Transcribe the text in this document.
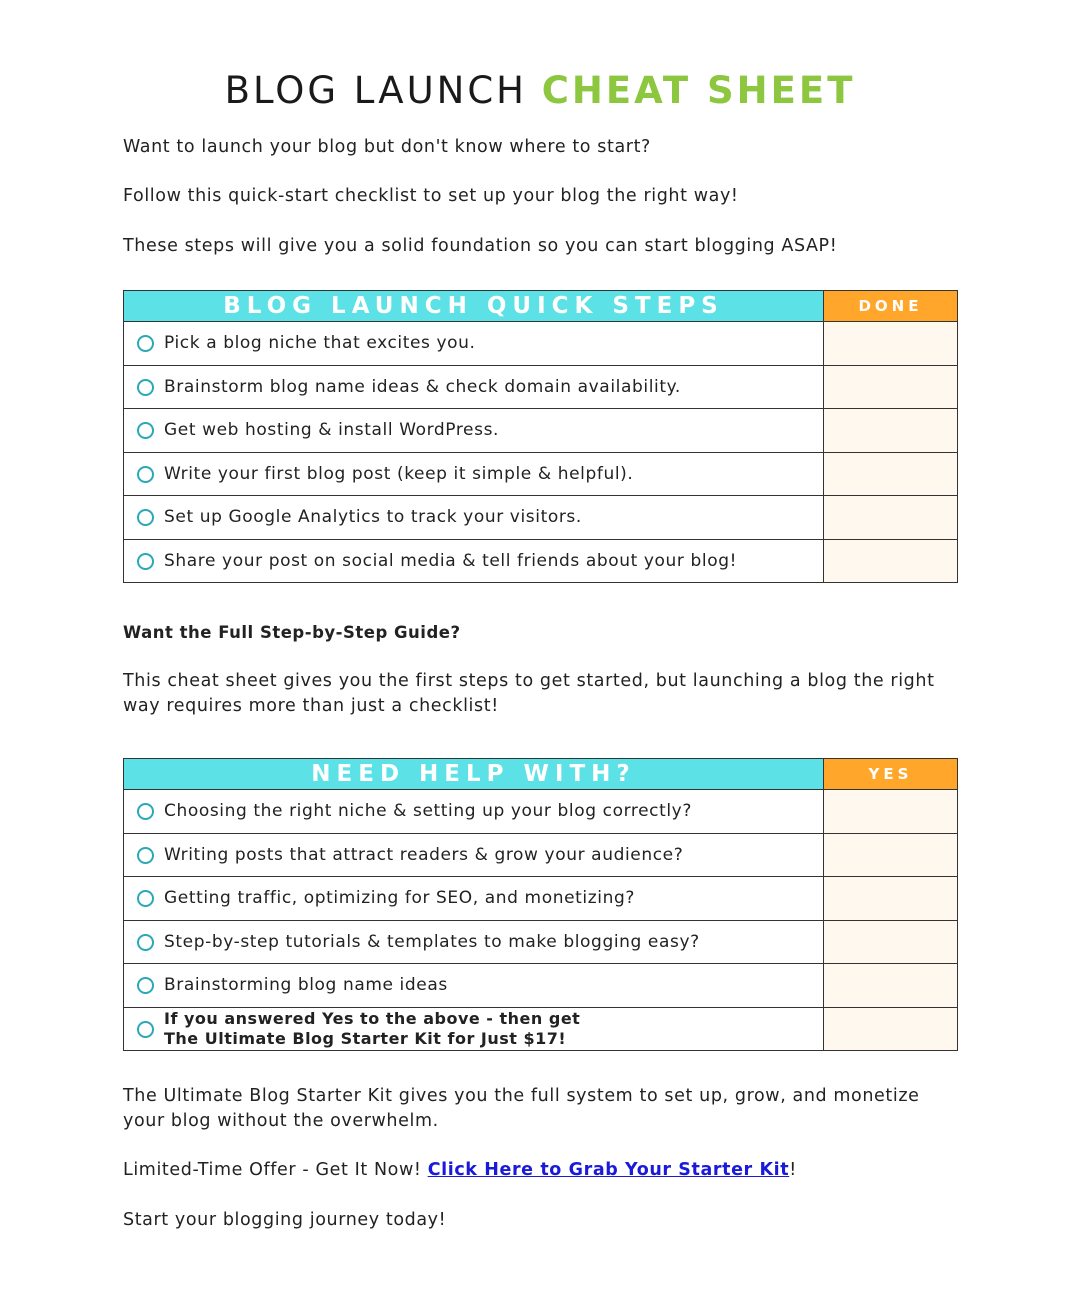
BLOG LAUNCH CHEAT SHEET

Want to launch your blog but don't know where to start?

Follow this quick-start checklist to set up your blog the right way!

These steps will give you a solid foundation so you can start blogging ASAP!

BLOG LAUNCH QUICK STEPS	DONE

Pick a blog niche that excites you.	

Brainstorm blog name ideas & check domain availability.	

Get web hosting & install WordPress.	

Write your first blog post (keep it simple & helpful).	

Set up Google Analytics to track your visitors.	

Share your post on social media & tell friends about your blog!	

Want the Full Step-by-Step Guide?

This cheat sheet gives you the first steps to get started, but launching a blog the right way requires more than just a checklist!

NEED HELP WITH?	YES

Choosing the right niche & setting up your blog correctly?	

Writing posts that attract readers & grow your audience?	

Getting traffic, optimizing for SEO, and monetizing?	

Step-by-step tutorials & templates to make blogging easy?	

Brainstorming blog name ideas	

If you answered Yes to the above - then get
The Ultimate Blog Starter Kit for Just $17!	

The Ultimate Blog Starter Kit gives you the full system to set up, grow, and monetize your blog without the overwhelm.

Limited-Time Offer - Get It Now! Click Here to Grab Your Starter Kit!

Start your blogging journey today!
